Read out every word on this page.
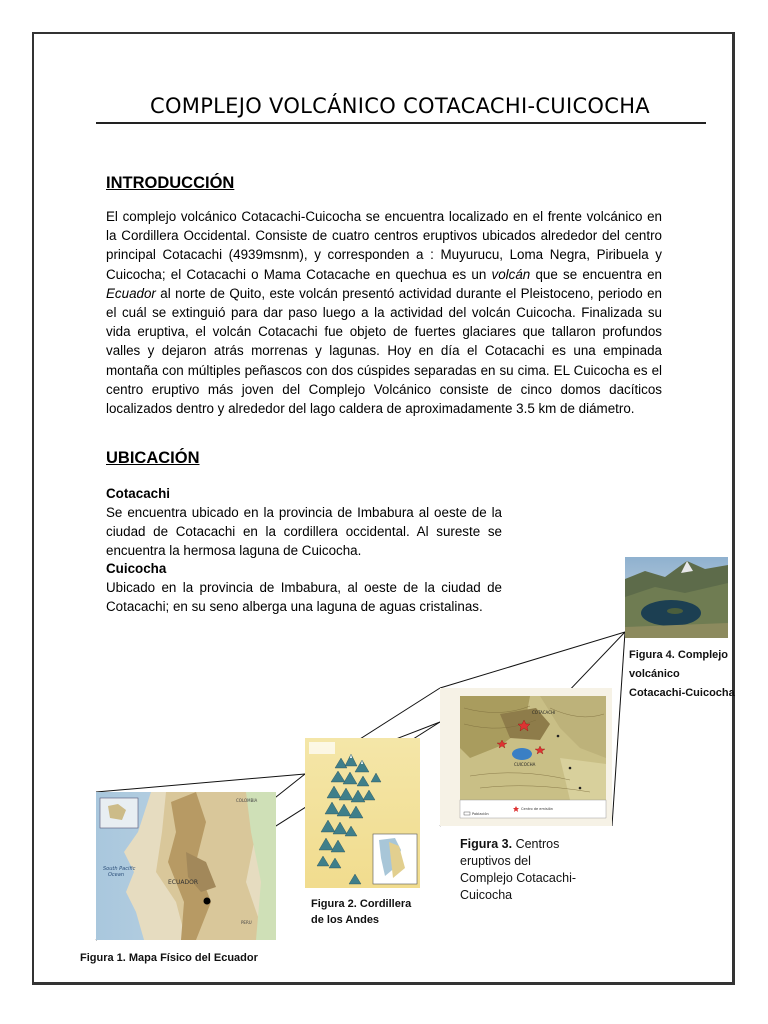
COMPLEJO VOLCÁNICO COTACACHI-CUICOCHA
INTRODUCCIÓN

El complejo volcánico Cotacachi-Cuicocha se encuentra localizado en el frente volcánico en la Cordillera Occidental. Consiste de cuatro centros eruptivos ubicados alrededor del centro principal Cotacachi (4939msnm), y corresponden a : Muyurucu, Loma Negra, Piribuela y Cuicocha; el Cotacachi o Mama Cotacache en quechua es un volcán que se encuentra en Ecuador al norte de Quito, este volcán presentó actividad durante el Pleistoceno, periodo en el cuál se extinguió para dar paso luego a la actividad del volcán Cuicocha. Finalizada su vida eruptiva, el volcán Cotacachi fue objeto de fuertes glaciares que tallaron profundos valles y dejaron atrás morrenas y lagunas. Hoy en día el Cotacachi es una empinada montaña con múltiples peñascos con dos cúspides separadas en su cima. EL Cuicocha es el centro eruptivo más joven del Complejo Volcánico consiste de cinco domos dacíticos localizados dentro y alrededor del lago caldera de aproximadamente 3.5 km de diámetro.

UBICACIÓN
Cotacachi

Se encuentra ubicado en la provincia de Imbabura al oeste de la ciudad de Cotacachi en la cordillera occidental. Al sureste se encuentra la hermosa laguna de Cuicocha.

Cuicocha

Ubicado en la provincia de Imbabura, al oeste de la ciudad de Cotacachi; en su seno alberga una laguna de aguas cristalinas.

South Pacific
Ocean
ECUADOR
COLOMBIA
PERU
Figura 1. Mapa Físico del Ecuador
Figura 2. Cordillera
de los Andes
CUICOCHA
COTACACHI
Centro de emisión
Población
Figura 3. Centros
eruptivos del
Complejo Cotacachi-
Cuicocha
Figura 4. Complejo
volcánico
Cotacachi-Cuicocha
